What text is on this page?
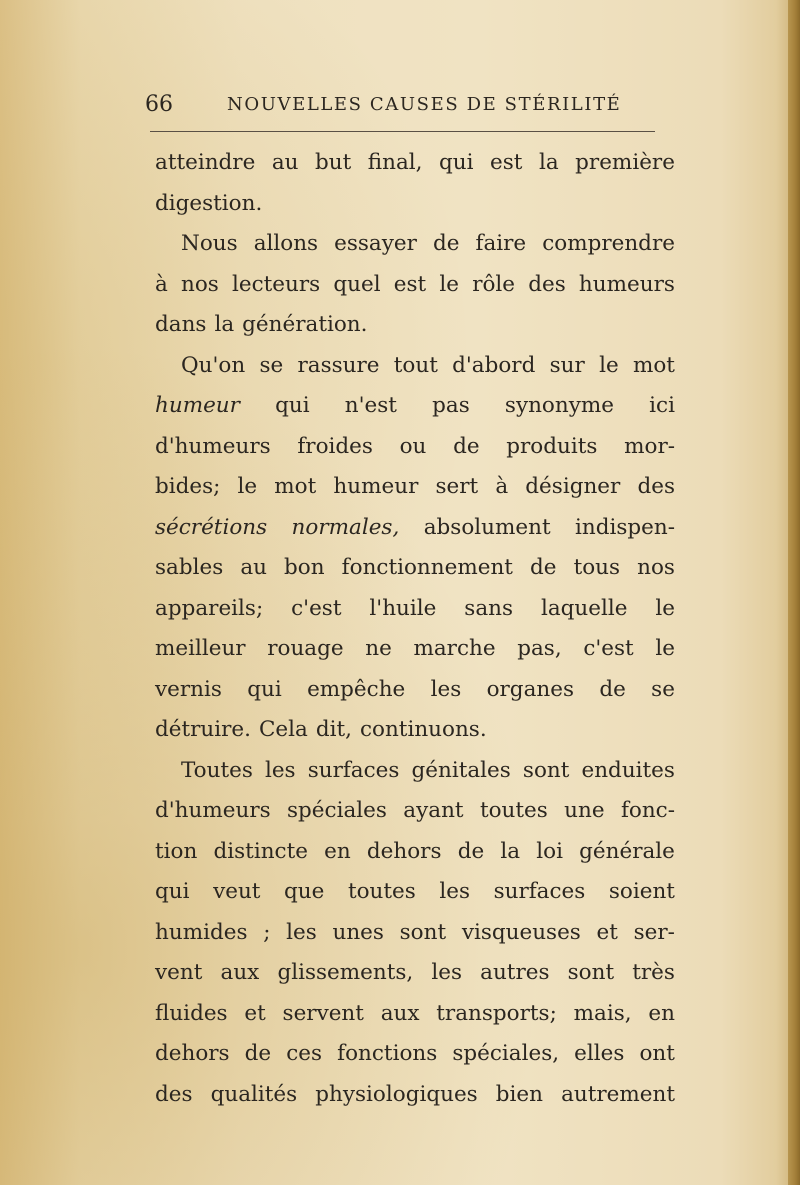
66	NOUVELLES CAUSES DE STÉRILITÉ
atteindre au but final, qui est la première
digestion.
Nous allons essayer de faire comprendre
à nos lecteurs quel est le rôle des humeurs
dans la génération.
Qu'on se rassure tout d'abord sur le mot
humeur qui n'est pas synonyme ici
d'humeurs froides ou de produits mor-
bides; le mot humeur sert à désigner des
sécrétions normales, absolument indispen-
sables au bon fonctionnement de tous nos
appareils; c'est l'huile sans laquelle le
meilleur rouage ne marche pas, c'est le
vernis qui empêche les organes de se
détruire. Cela dit, continuons.
Toutes les surfaces génitales sont enduites
d'humeurs spéciales ayant toutes une fonc-
tion distincte en dehors de la loi générale
qui veut que toutes les surfaces soient
humides ; les unes sont visqueuses et ser-
vent aux glissements, les autres sont très
fluides et servent aux transports; mais, en
dehors de ces fonctions spéciales, elles ont
des qualités physiologiques bien autrement
